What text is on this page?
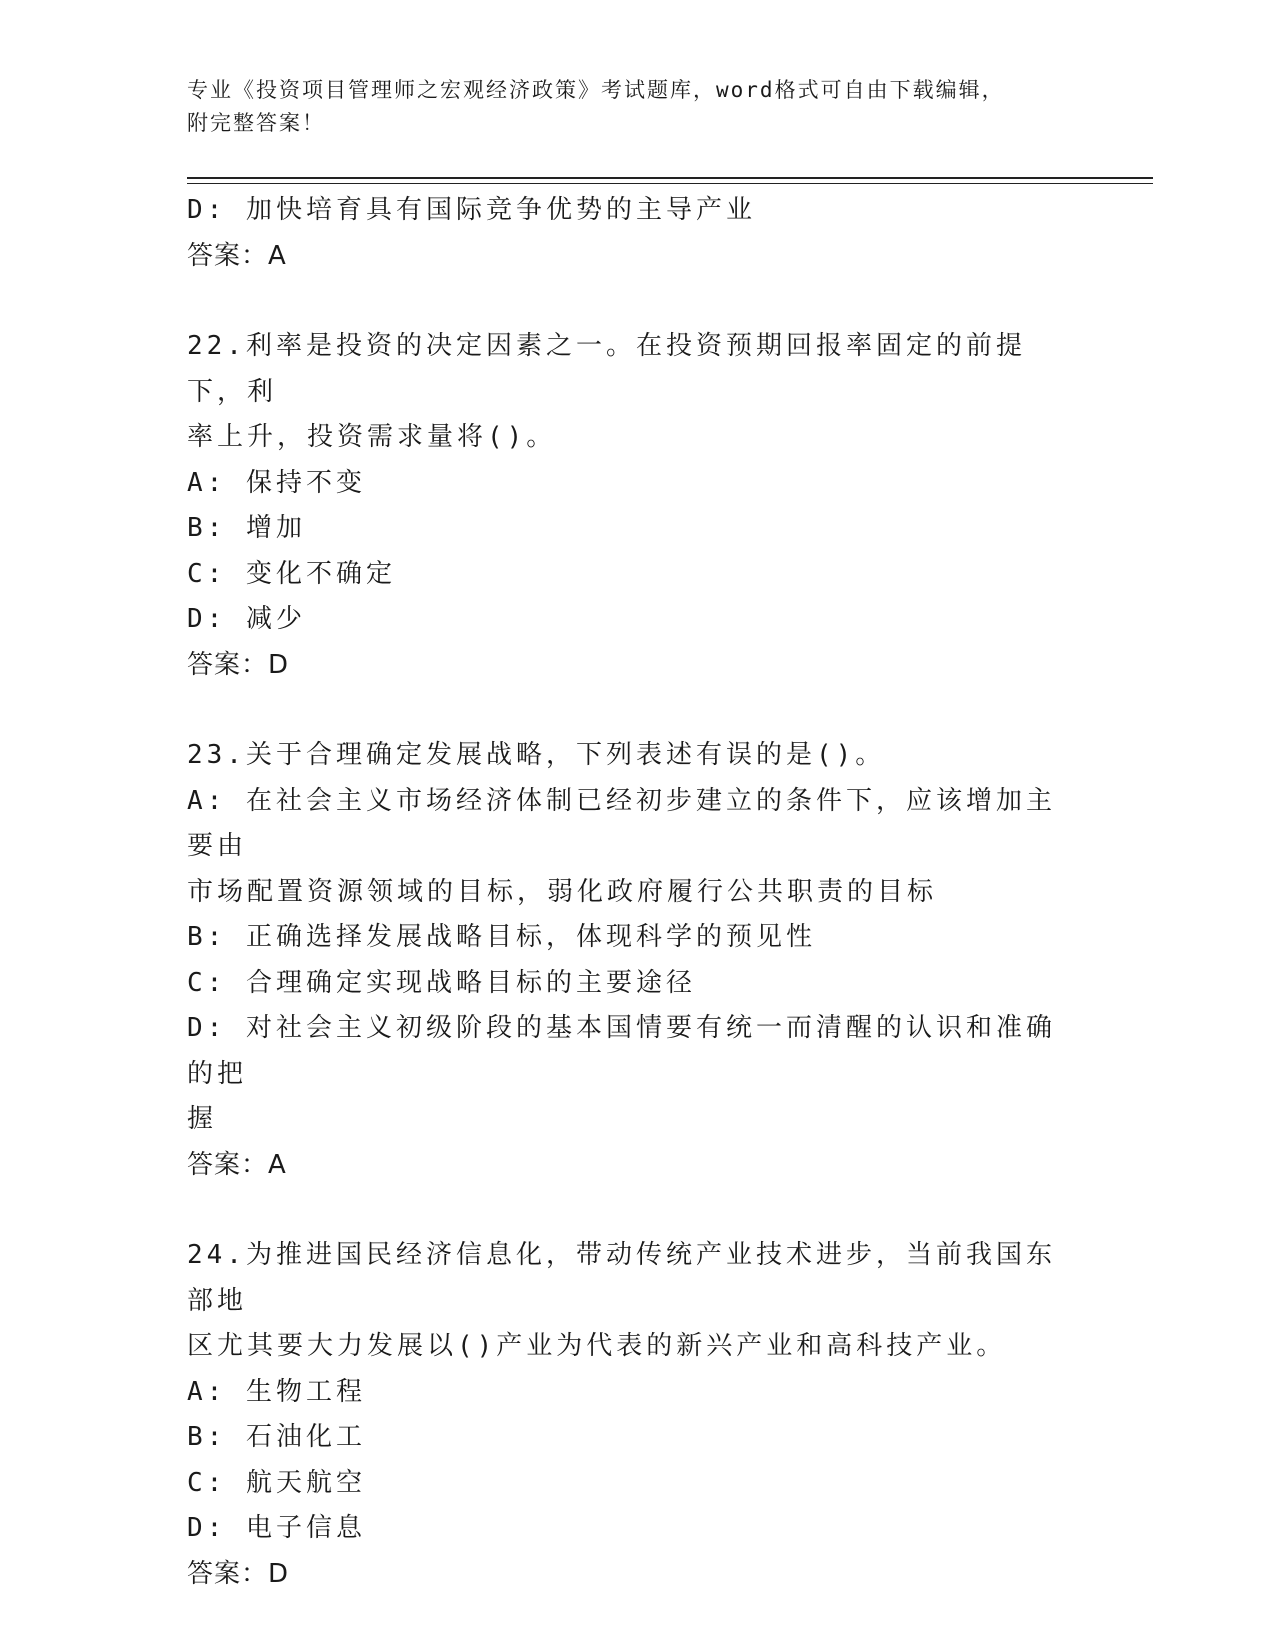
专业《投资项目管理师之宏观经济政策》考试题库，word格式可自由下载编辑，
附完整答案！
D: 加快培育具有国际竞争优势的主导产业
答案：A
22.利率是投资的决定因素之一。在投资预期回报率固定的前提下，利
率上升，投资需求量将()。
A: 保持不变
B: 增加
C: 变化不确定
D: 减少
答案：D
23.关于合理确定发展战略，下列表述有误的是()。
A: 在社会主义市场经济体制已经初步建立的条件下，应该增加主要由
市场配置资源领域的目标，弱化政府履行公共职责的目标
B: 正确选择发展战略目标，体现科学的预见性
C: 合理确定实现战略目标的主要途径
D: 对社会主义初级阶段的基本国情要有统一而清醒的认识和准确的把
握
答案：A
24.为推进国民经济信息化，带动传统产业技术进步，当前我国东部地
区尤其要大力发展以()产业为代表的新兴产业和高科技产业。
A: 生物工程
B: 石油化工
C: 航天航空
D: 电子信息
答案：D
